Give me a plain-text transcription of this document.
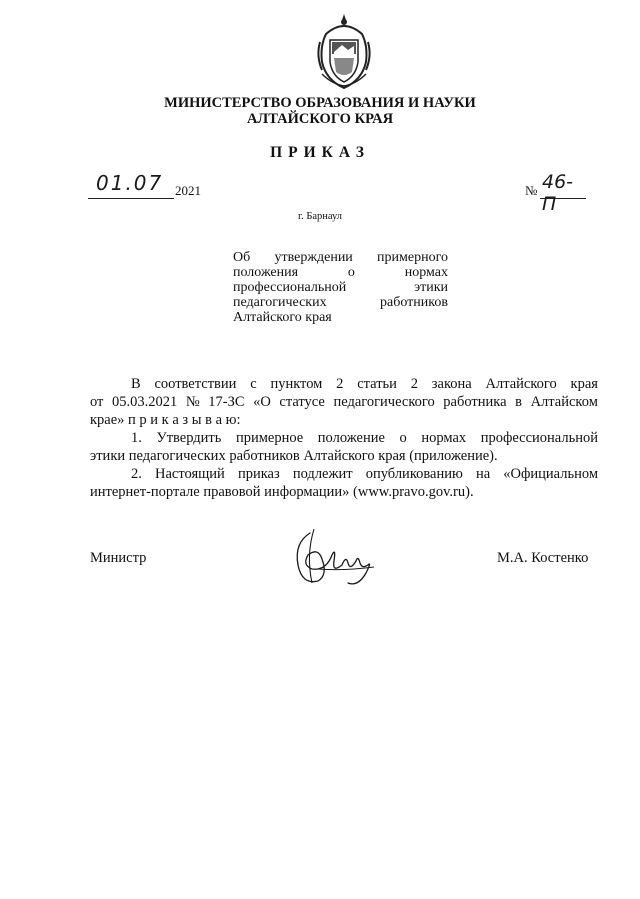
МИНИСТЕРСТВО ОБРАЗОВАНИЯ И НАУКИ
АЛТАЙСКОГО КРАЯ
ПРИКАЗ
01.07 2021	№ 46-П
г. Барнаул
Об утверждении примерного
положения	о	нормах
профессиональной	этики
педагогических	работников
Алтайского края
В соответствии с пунктом 2 статьи 2 закона Алтайского края
от 05.03.2021 № 17-ЗС «О статусе педагогического работника в Алтайском
крае» п р и к а з ы в а ю:
1. Утвердить примерное положение о нормах профессиональной
этики педагогических работников Алтайского края (приложение).
2. Настоящий приказ подлежит опубликованию на «Официальном
интернет-портале правовой информации» (www.pravo.gov.ru).
Министр	М.А. Костенко
